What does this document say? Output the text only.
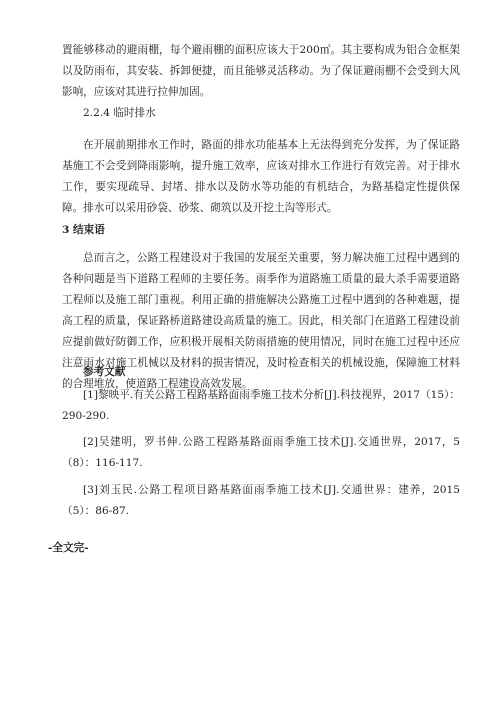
置能够移动的避雨棚，每个避雨棚的面积应该大于200㎡。其主要构成为铝合金框架以及防雨布，其安装、拆卸便捷，而且能够灵活移动。为了保证避雨棚不会受到大风影响，应该对其进行拉伸加固。

2.2.4 临时排水

在开展前期排水工作时，路面的排水功能基本上无法得到充分发挥，为了保证路基施工不会受到降雨影响，提升施工效率，应该对排水工作进行有效完善。对于排水工作，要实现疏导、封堵、排水以及防水等功能的有机结合，为路基稳定性提供保障。排水可以采用砂袋、砂浆、砌筑以及开挖土沟等形式。

3 结束语

总而言之，公路工程建设对于我国的发展至关重要，努力解决施工过程中遇到的各种问题是当下道路工程师的主要任务。雨季作为道路施工质量的最大杀手需要道路工程师以及施工部门重视。利用正确的措施解决公路施工过程中遇到的各种难题，提高工程的质量，保证路桥道路建设高质量的施工。因此，相关部门在道路工程建设前应提前做好防御工作，应积极开展相关防雨措施的使用情况，同时在施工过程中还应注意雨水对施工机械以及材料的损害情况，及时检查相关的机械设施，保障施工材料的合理堆放，使道路工程建设高效发展。

参考文献

[1]黎映平.有关公路工程路基路面雨季施工技术分析[J].科技视界，2017（15）：290-290.

[2]吴建明，罗书伸.公路工程路基路面雨季施工技术[J].交通世界，2017，5（8）：116-117.

[3]刘玉民.公路工程项目路基路面雨季施工技术[J].交通世界：建养，2015（5）：86-87.

-全文完-
